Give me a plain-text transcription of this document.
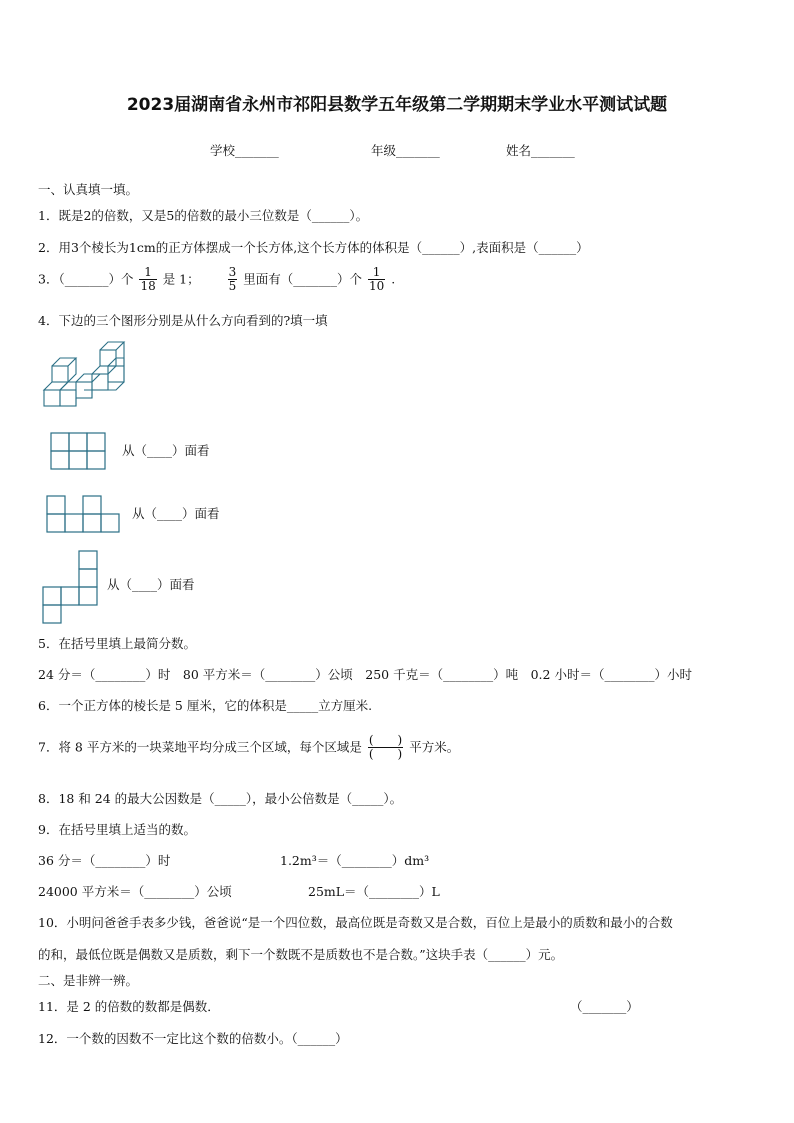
2023届湖南省永州市祁阳县数学五年级第二学期期末学业水平测试试题
学校_______	年级_______	姓名_______
一、认真填一填。
1．既是2的倍数，又是5的倍数的最小三位数是（______）。
2．用3个棱长为1cm的正方体摆成一个长方体,这个长方体的体积是（______）,表面积是（______）
3．（_______）个 $\frac{1}{18}$ 是 1； $\frac{3}{5}$ 里面有（_______）个 $\frac{1}{10}$ .
4．下边的三个图形分别是从什么方向看到的?填一填
从（____）面看
从（____）面看
从（____）面看
5．在括号里填上最简分数。
24 分＝（________）时　80 平方米＝（________）公顷　250 千克＝（________）吨　0.2 小时＝（________）小时
6．一个正方体的棱长是 5 厘米，它的体积是_____立方厘米.
7．将 8 平方米的一块菜地平均分成三个区域，每个区域是 $\frac{( )}{( )}$ 平方米。
8．18 和 24 的最大公因数是（_____），最小公倍数是（_____）。
9．在括号里填上适当的数。
36 分＝（________）时	1.2m³＝（________）dm³
24000 平方米＝（________）公顷	25mL＝（________）L
10．小明问爸爸手表多少钱，爸爸说“是一个四位数，最高位既是奇数又是合数，百位上是最小的质数和最小的合数
的和，最低位既是偶数又是质数，剩下一个数既不是质数也不是合数。”这块手表（______）元。
二、是非辨一辨。
11．是 2 的倍数的数都是偶数．	（_______）
12．一个数的因数不一定比这个数的倍数小。（______）
